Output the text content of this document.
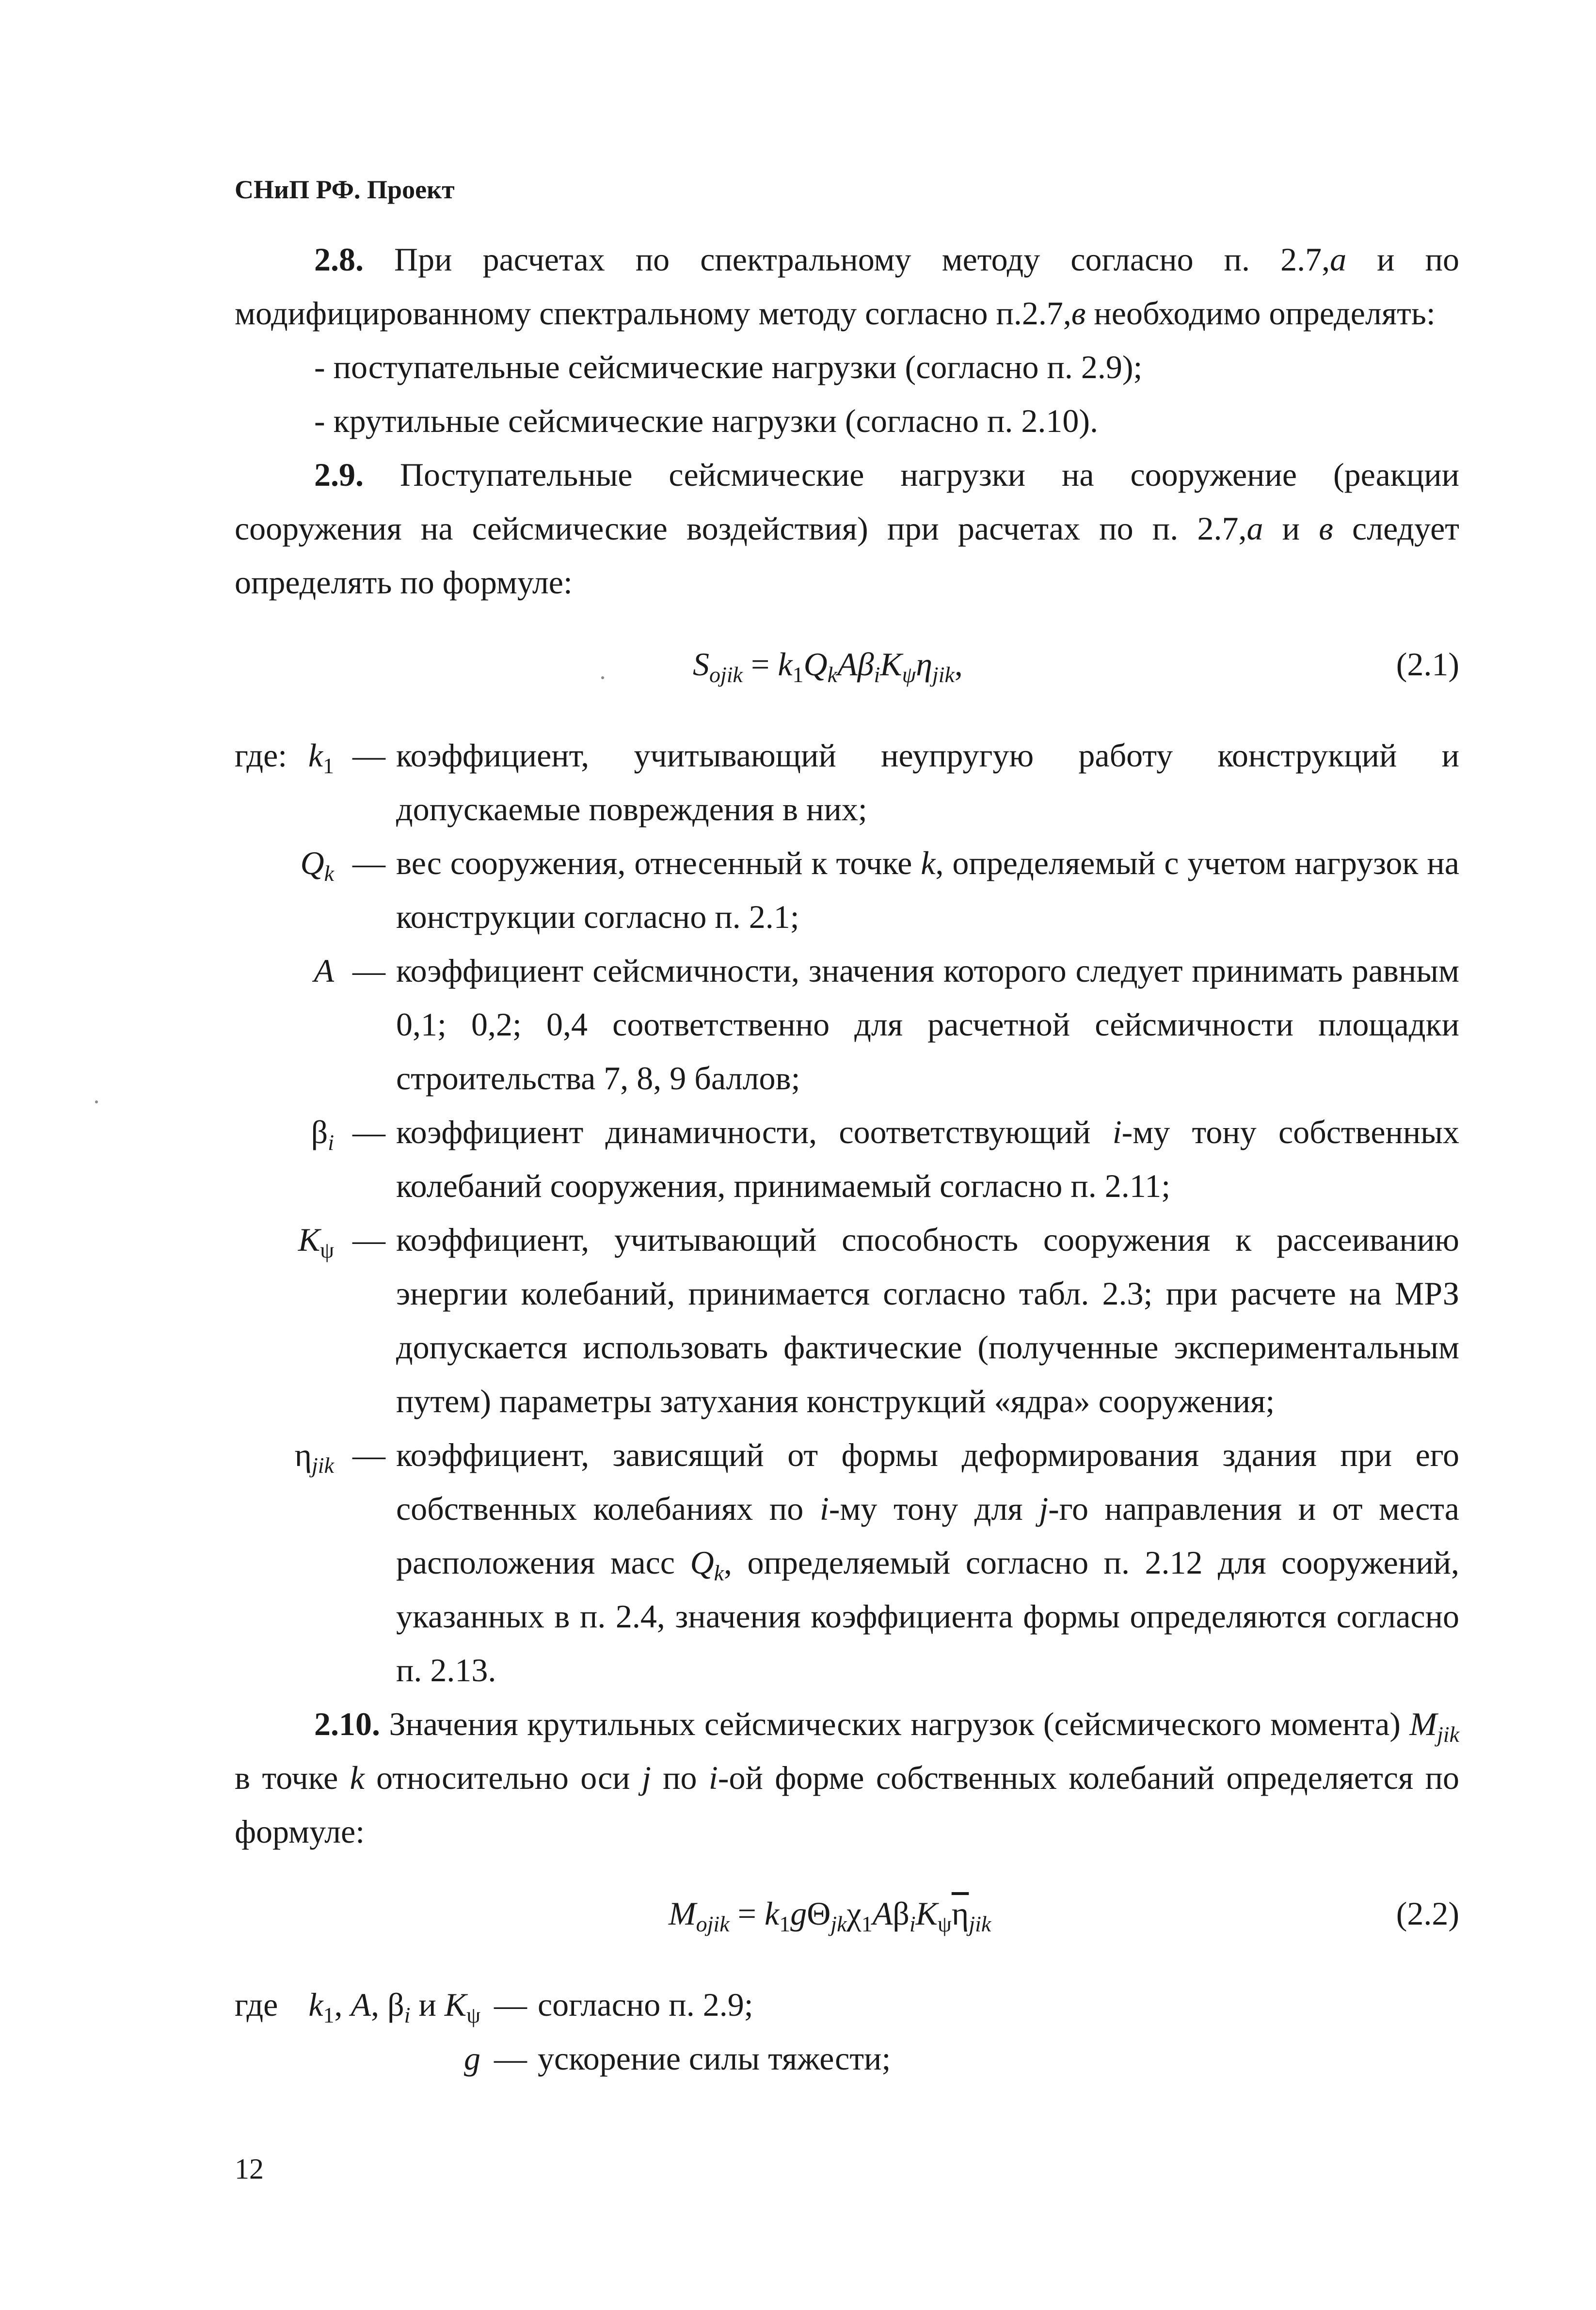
СНиП РФ. Проект

2.8. При расчетах по спектральному методу согласно п. 2.7,а и по модифицированному спектральному методу согласно п.2.7,в необходимо определять:

- поступательные сейсмические нагрузки (согласно п. 2.9);

- крутильные сейсмические нагрузки (согласно п. 2.10).

2.9. Поступательные сейсмические нагрузки на сооружение (реакции сооружения на сейсмические воздействия) при расчетах по п. 2.7,а и в следует определять по формуле:

$S_{ojik} = k_1Q_kA\beta_iK_\psi\eta_{jik}$,	(2.1)
где: $k_1$ — коэффициент, учитывающий неупругую работу конструкций и допускаемые повреждения в них;
$Q_k$ — вес сооружения, отнесенный к точке k, определяемый с учетом нагрузок на конструкции согласно п. 2.1;
A — коэффициент сейсмичности, значения которого следует принимать равным 0,1; 0,2; 0,4 соответственно для расчетной сейсмичности площадки строительства 7, 8, 9 баллов;
$\beta_i$ — коэффициент динамичности, соответствующий i-му тону собственных колебаний сооружения, принимаемый согласно п. 2.11;
$K_\psi$ — коэффициент, учитывающий способность сооружения к рассеиванию энергии колебаний, принимается согласно табл. 2.3; при расчете на МРЗ допускается использовать фактические (полученные экспериментальным путем) параметры затухания конструкций «ядра» сооружения;
$\eta_{jik}$ — коэффициент, зависящий от формы деформирования здания при его собственных колебаниях по i-му тону для j-го направления и от места расположения масс $Q_k$, определяемый согласно п. 2.12 для сооружений, указанных в п. 2.4, значения коэффициента формы определяются согласно п. 2.13.

2.10. Значения крутильных сейсмических нагрузок (сейсмического момента) $M_{jik}$ в точке k относительно оси j по i-ой форме собственных колебаний определяется по формуле:

$M_{ojik} = k_1g\Theta_{jk}\chi_1A\beta_iK_\psi\overline{\eta}_{jik}$	(2.2)
где $k_1$, A, $\beta_i$ и $K_\psi$ — согласно п. 2.9;
g — ускорение силы тяжести;
12
